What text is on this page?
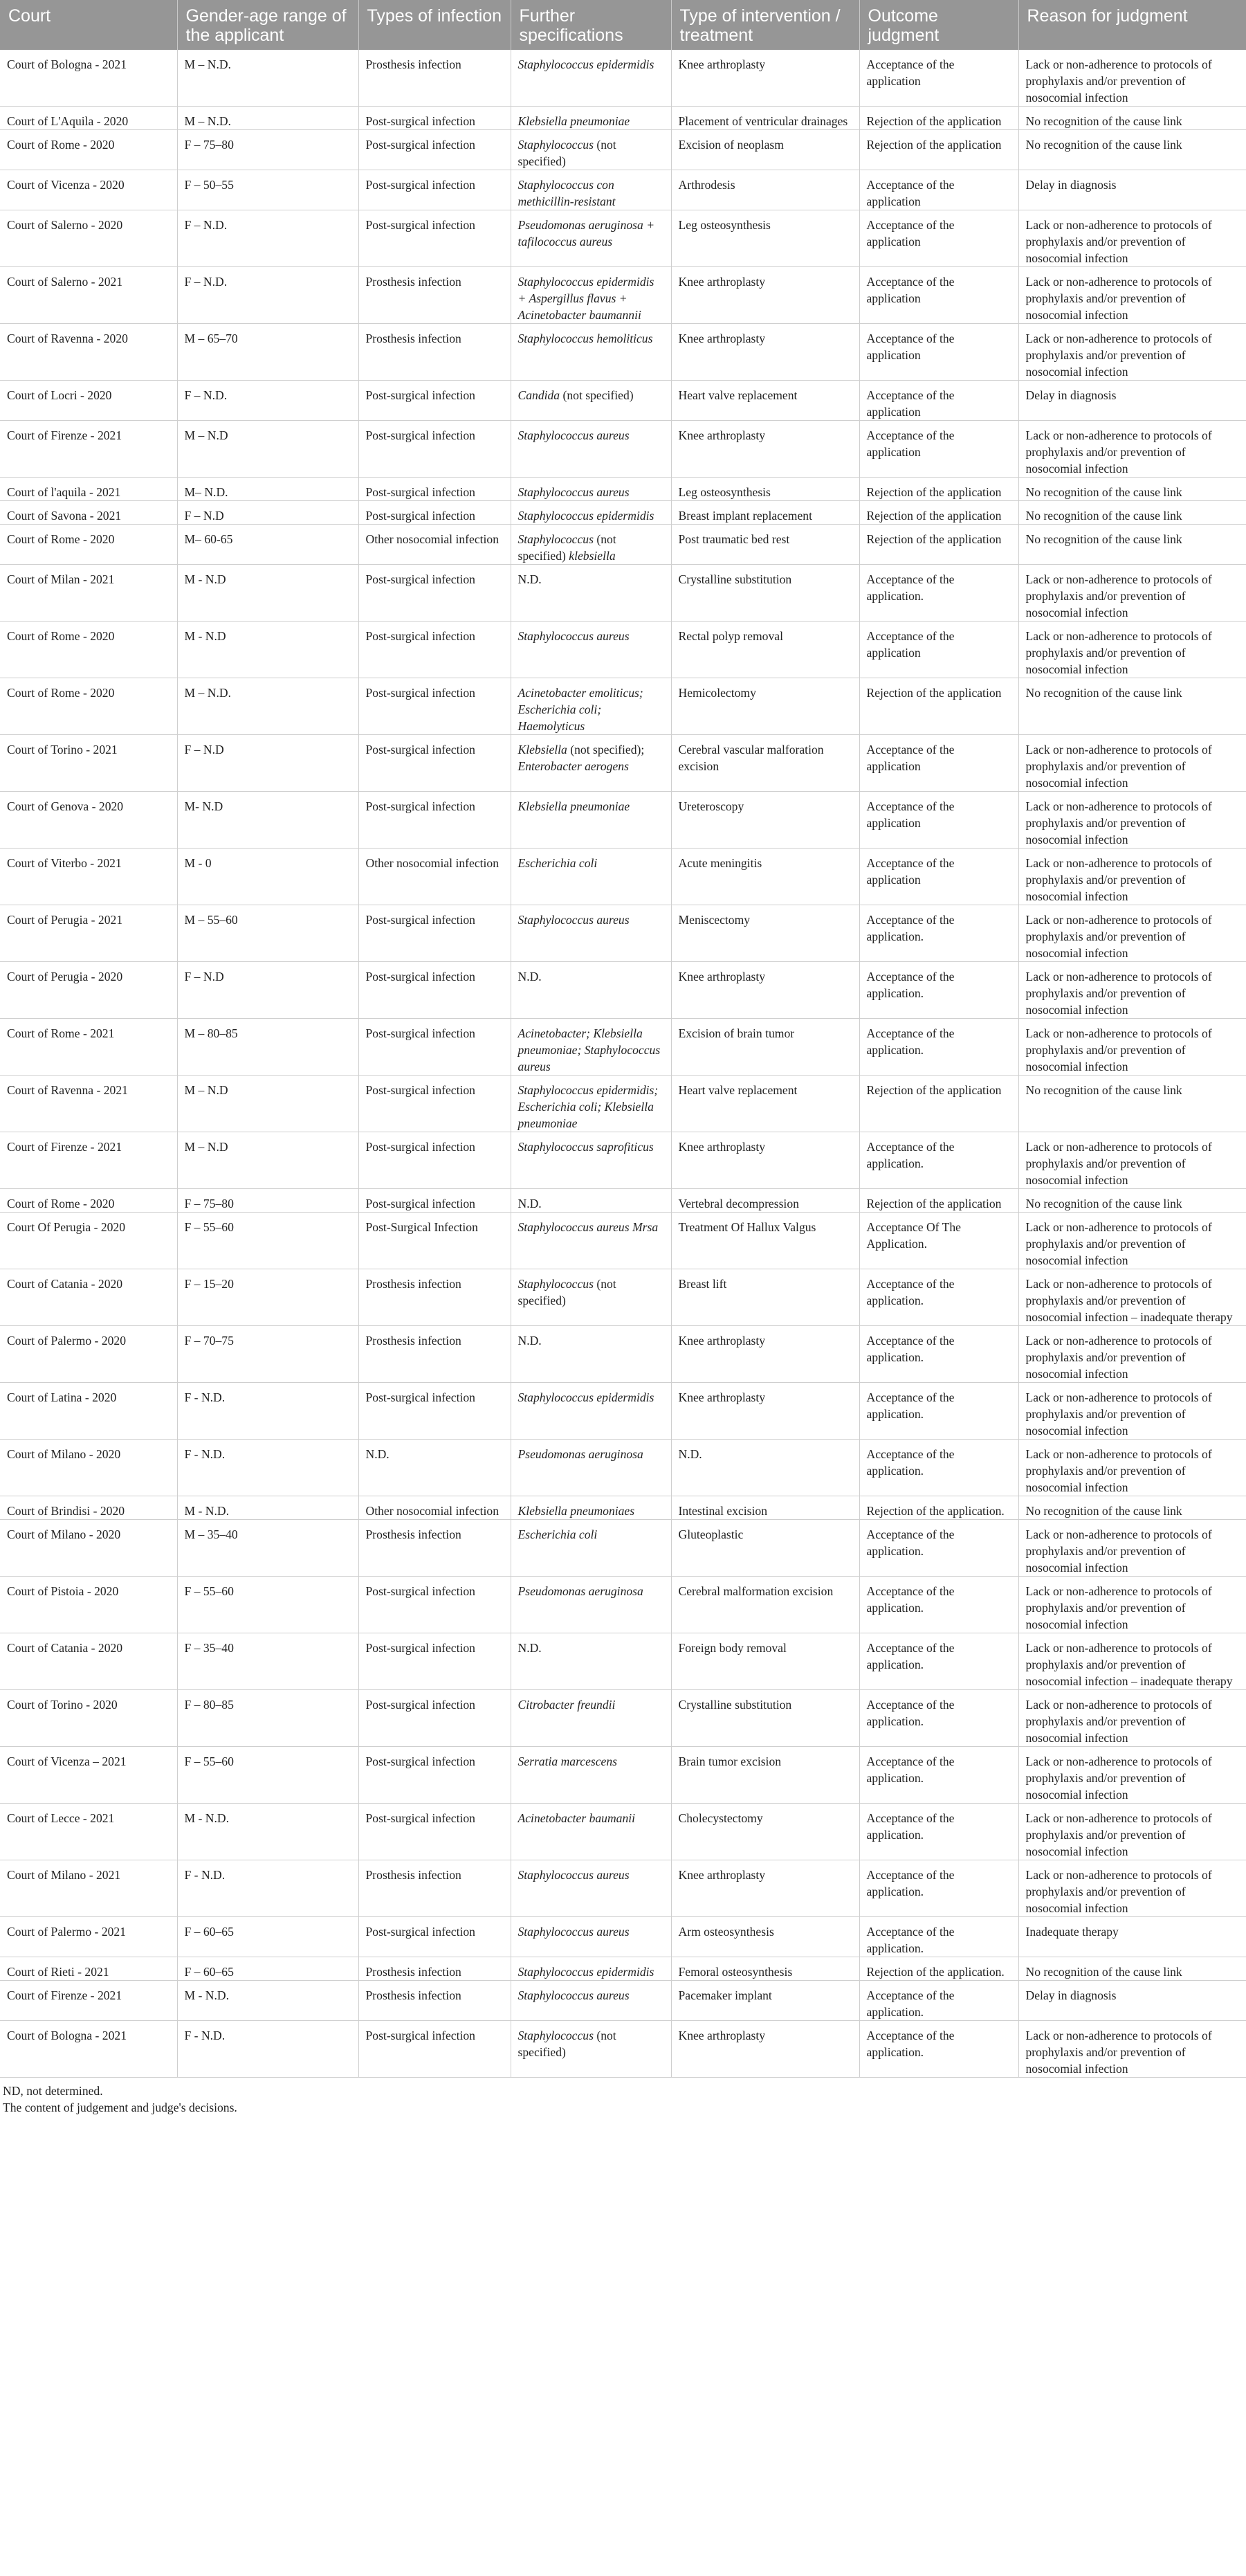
Court	Gender-age range of the applicant	Types of infection	Further specifications	Type of intervention / treatment	Outcome judgment	Reason for judgment
Court of Bologna - 2021	M – N.D.	Prosthesis infection	Staphylococcus epidermidis	Knee arthroplasty	Acceptance of the application	Lack or non-adherence to protocols of prophylaxis and/or prevention of nosocomial infection
Court of L'Aquila - 2020	M – N.D.	Post-surgical infection	Klebsiella pneumoniae	Placement of ventricular drainages	Rejection of the application	No recognition of the cause link
Court of Rome - 2020	F – 75–80	Post-surgical infection	Staphylococcus (not specified)	Excision of neoplasm	Rejection of the application	No recognition of the cause link
Court of Vicenza - 2020	F – 50–55	Post-surgical infection	Staphylococcus con methicillin-resistant	Arthrodesis	Acceptance of the application	Delay in diagnosis
Court of Salerno - 2020	F – N.D.	Post-surgical infection	Pseudomonas aeruginosa + tafilococcus aureus	Leg osteosynthesis	Acceptance of the application	Lack or non-adherence to protocols of prophylaxis and/or prevention of nosocomial infection
Court of Salerno - 2021	F – N.D.	Prosthesis infection	Staphylococcus epidermidis + Aspergillus flavus + Acinetobacter baumannii	Knee arthroplasty	Acceptance of the application	Lack or non-adherence to protocols of prophylaxis and/or prevention of nosocomial infection
Court of Ravenna - 2020	M – 65–70	Prosthesis infection	Staphylococcus hemoliticus	Knee arthroplasty	Acceptance of the application	Lack or non-adherence to protocols of prophylaxis and/or prevention of nosocomial infection
Court of Locri - 2020	F – N.D.	Post-surgical infection	Candida (not specified)	Heart valve replacement	Acceptance of the application	Delay in diagnosis
Court of Firenze - 2021	M – N.D	Post-surgical infection	Staphylococcus aureus	Knee arthroplasty	Acceptance of the application	Lack or non-adherence to protocols of prophylaxis and/or prevention of nosocomial infection
Court of l'aquila - 2021	M– N.D.	Post-surgical infection	Staphylococcus aureus	Leg osteosynthesis	Rejection of the application	No recognition of the cause link
Court of Savona - 2021	F – N.D	Post-surgical infection	Staphylococcus epidermidis	Breast implant replacement	Rejection of the application	No recognition of the cause link
Court of Rome - 2020	M– 60-65	Other nosocomial infection	Staphylococcus (not specified) klebsiella	Post traumatic bed rest	Rejection of the application	No recognition of the cause link
Court of Milan - 2021	M - N.D	Post-surgical infection	N.D.	Crystalline substitution	Acceptance of the application.	Lack or non-adherence to protocols of prophylaxis and/or prevention of nosocomial infection
Court of Rome - 2020	M - N.D	Post-surgical infection	Staphylococcus aureus	Rectal polyp removal	Acceptance of the application	Lack or non-adherence to protocols of prophylaxis and/or prevention of nosocomial infection
Court of Rome - 2020	M – N.D.	Post-surgical infection	Acinetobacter emoliticus; Escherichia coli; Haemolyticus	Hemicolectomy	Rejection of the application	No recognition of the cause link
Court of Torino - 2021	F – N.D	Post-surgical infection	Klebsiella (not specified); Enterobacter aerogens	Cerebral vascular malforation excision	Acceptance of the application	Lack or non-adherence to protocols of prophylaxis and/or prevention of nosocomial infection
Court of Genova - 2020	M- N.D	Post-surgical infection	Klebsiella pneumoniae	Ureteroscopy	Acceptance of the application	Lack or non-adherence to protocols of prophylaxis and/or prevention of nosocomial infection
Court of Viterbo - 2021	M - 0	Other nosocomial infection	Escherichia coli	Acute meningitis	Acceptance of the application	Lack or non-adherence to protocols of prophylaxis and/or prevention of nosocomial infection
Court of Perugia - 2021	M – 55–60	Post-surgical infection	Staphylococcus aureus	Meniscectomy	Acceptance of the application.	Lack or non-adherence to protocols of prophylaxis and/or prevention of nosocomial infection
Court of Perugia - 2020	F – N.D	Post-surgical infection	N.D.	Knee arthroplasty	Acceptance of the application.	Lack or non-adherence to protocols of prophylaxis and/or prevention of nosocomial infection
Court of Rome - 2021	M – 80–85	Post-surgical infection	Acinetobacter; Klebsiella pneumoniae; Staphylococcus aureus	Excision of brain tumor	Acceptance of the application.	Lack or non-adherence to protocols of prophylaxis and/or prevention of nosocomial infection
Court of Ravenna - 2021	M – N.D	Post-surgical infection	Staphylococcus epidermidis; Escherichia coli; Klebsiella pneumoniae	Heart valve replacement	Rejection of the application	No recognition of the cause link
Court of Firenze - 2021	M – N.D	Post-surgical infection	Staphylococcus saprofiticus	Knee arthroplasty	Acceptance of the application.	Lack or non-adherence to protocols of prophylaxis and/or prevention of nosocomial infection
Court of Rome - 2020	F – 75–80	Post-surgical infection	N.D.	Vertebral decompression	Rejection of the application	No recognition of the cause link
Court Of Perugia - 2020	F – 55–60	Post-Surgical Infection	Staphylococcus aureus Mrsa	Treatment Of Hallux Valgus	Acceptance Of The Application.	Lack or non-adherence to protocols of prophylaxis and/or prevention of nosocomial infection
Court of Catania - 2020	F – 15–20	Prosthesis infection	Staphylococcus (not specified)	Breast lift	Acceptance of the application.	Lack or non-adherence to protocols of prophylaxis and/or prevention of nosocomial infection – inadequate therapy
Court of Palermo - 2020	F – 70–75	Prosthesis infection	N.D.	Knee arthroplasty	Acceptance of the application.	Lack or non-adherence to protocols of prophylaxis and/or prevention of nosocomial infection
Court of Latina - 2020	F - N.D.	Post-surgical infection	Staphylococcus epidermidis	Knee arthroplasty	Acceptance of the application.	Lack or non-adherence to protocols of prophylaxis and/or prevention of nosocomial infection
Court of Milano - 2020	F - N.D.	N.D.	Pseudomonas aeruginosa	N.D.	Acceptance of the application.	Lack or non-adherence to protocols of prophylaxis and/or prevention of nosocomial infection
Court of Brindisi - 2020	M - N.D.	Other nosocomial infection	Klebsiella pneumoniaes	Intestinal excision	Rejection of the application.	No recognition of the cause link
Court of Milano - 2020	M – 35–40	Prosthesis infection	Escherichia coli	Gluteoplastic	Acceptance of the application.	Lack or non-adherence to protocols of prophylaxis and/or prevention of nosocomial infection
Court of Pistoia - 2020	F – 55–60	Post-surgical infection	Pseudomonas aeruginosa	Cerebral malformation excision	Acceptance of the application.	Lack or non-adherence to protocols of prophylaxis and/or prevention of nosocomial infection
Court of Catania - 2020	F – 35–40	Post-surgical infection	N.D.	Foreign body removal	Acceptance of the application.	Lack or non-adherence to protocols of prophylaxis and/or prevention of nosocomial infection – inadequate therapy
Court of Torino - 2020	F – 80–85	Post-surgical infection	Citrobacter freundii	Crystalline substitution	Acceptance of the application.	Lack or non-adherence to protocols of prophylaxis and/or prevention of nosocomial infection
Court of Vicenza – 2021	F – 55–60	Post-surgical infection	Serratia marcescens	Brain tumor excision	Acceptance of the application.	Lack or non-adherence to protocols of prophylaxis and/or prevention of nosocomial infection
Court of Lecce - 2021	M - N.D.	Post-surgical infection	Acinetobacter baumanii	Cholecystectomy	Acceptance of the application.	Lack or non-adherence to protocols of prophylaxis and/or prevention of nosocomial infection
Court of Milano - 2021	F - N.D.	Prosthesis infection	Staphylococcus aureus	Knee arthroplasty	Acceptance of the application.	Lack or non-adherence to protocols of prophylaxis and/or prevention of nosocomial infection
Court of Palermo - 2021	F – 60–65	Post-surgical infection	Staphylococcus aureus	Arm osteosynthesis	Acceptance of the application.	Inadequate therapy
Court of Rieti - 2021	F – 60–65	Prosthesis infection	Staphylococcus epidermidis	Femoral osteosynthesis	Rejection of the application.	No recognition of the cause link
Court of Firenze - 2021	M - N.D.	Prosthesis infection	Staphylococcus aureus	Pacemaker implant	Acceptance of the application.	Delay in diagnosis
Court of Bologna - 2021	F - N.D.	Post-surgical infection	Staphylococcus (not specified)	Knee arthroplasty	Acceptance of the application.	Lack or non-adherence to protocols of prophylaxis and/or prevention of nosocomial infection
ND, not determined.
The content of judgement and judge's decisions.
